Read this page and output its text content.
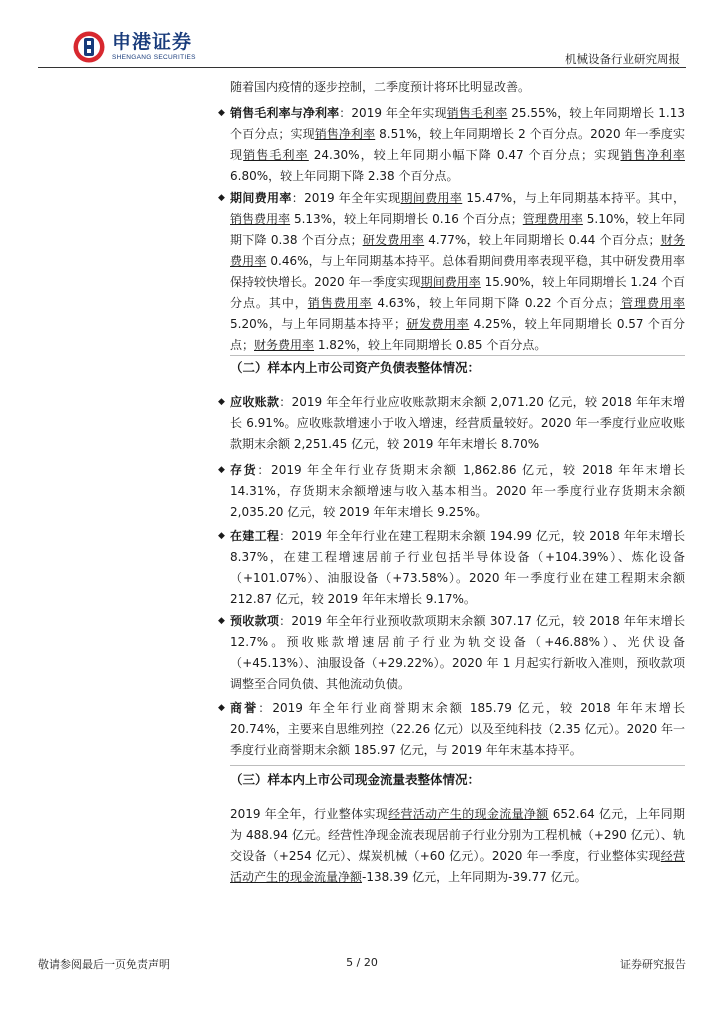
申港证券
SHENGANG SECURITIES	机械设备行业研究周报

随着国内疫情的逐步控制，二季度预计将环比明显改善。

◆ 销售毛利率与净利率：2019 年全年实现销售毛利率 25.55%，较上年同期增长 1.13 个百分点；实现销售净利率 8.51%，较上年同期增长 2 个百分点。2020 年一季度实现销售毛利率 24.30%，较上年同期小幅下降 0.47 个百分点；实现销售净利率 6.80%，较上年同期下降 2.38 个百分点。

◆ 期间费用率：2019 年全年实现期间费用率 15.47%，与上年同期基本持平。其中，销售费用率 5.13%，较上年同期增长 0.16 个百分点；管理费用率 5.10%，较上年同期下降 0.38 个百分点；研发费用率 4.77%，较上年同期增长 0.44 个百分点；财务费用率 0.46%，与上年同期基本持平。总体看期间费用率表现平稳，其中研发费用率保持较快增长。2020 年一季度实现期间费用率 15.90%，较上年同期增长 1.24 个百分点。其中，销售费用率 4.63%，较上年同期下降 0.22 个百分点；管理费用率 5.20%，与上年同期基本持平；研发费用率 4.25%，较上年同期增长 0.57 个百分点；财务费用率 1.82%，较上年同期增长 0.85 个百分点。

（二）样本内上市公司资产负债表整体情况：
◆ 应收账款：2019 年全年行业应收账款期末余额 2,071.20 亿元，较 2018 年年末增长 6.91%。应收账款增速小于收入增速，经营质量较好。2020 年一季度行业应收账款期末余额 2,251.45 亿元，较 2019 年年末增长 8.70%

◆ 存货：2019 年全年行业存货期末余额 1,862.86 亿元，较 2018 年年末增长 14.31%，存货期末余额增速与收入基本相当。2020 年一季度行业存货期末余额 2,035.20 亿元，较 2019 年年末增长 9.25%。

◆ 在建工程：2019 年全年行业在建工程期末余额 194.99 亿元，较 2018 年年末增长 8.37%，在建工程增速居前子行业包括半导体设备（+104.39%）、炼化设备（+101.07%）、油服设备（+73.58%）。2020 年一季度行业在建工程期末余额 212.87 亿元，较 2019 年年末增长 9.17%。

◆ 预收款项：2019 年全年行业预收款项期末余额 307.17 亿元，较 2018 年年末增长 12.7%。预收账款增速居前子行业为轨交设备（+46.88%）、光伏设备（+45.13%）、油服设备（+29.22%）。2020 年 1 月起实行新收入准则，预收款项调整至合同负债、其他流动负债。

◆ 商誉：2019 年全年行业商誉期末余额 185.79 亿元，较 2018 年年末增长 20.74%，主要来自思维列控（22.26 亿元）以及至纯科技（2.35 亿元）。2020 年一季度行业商誉期末余额 185.97 亿元，与 2019 年年末基本持平。

（三）样本内上市公司现金流量表整体情况：

2019 年全年，行业整体实现经营活动产生的现金流量净额 652.64 亿元，上年同期为 488.94 亿元。经营性净现金流表现居前子行业分别为工程机械（+290 亿元）、轨交设备（+254 亿元）、煤炭机械（+60 亿元）。2020 年一季度，行业整体实现经营活动产生的现金流量净额-138.39 亿元，上年同期为-39.77 亿元。

敬请参阅最后一页免责声明	5 / 20	证券研究报告
